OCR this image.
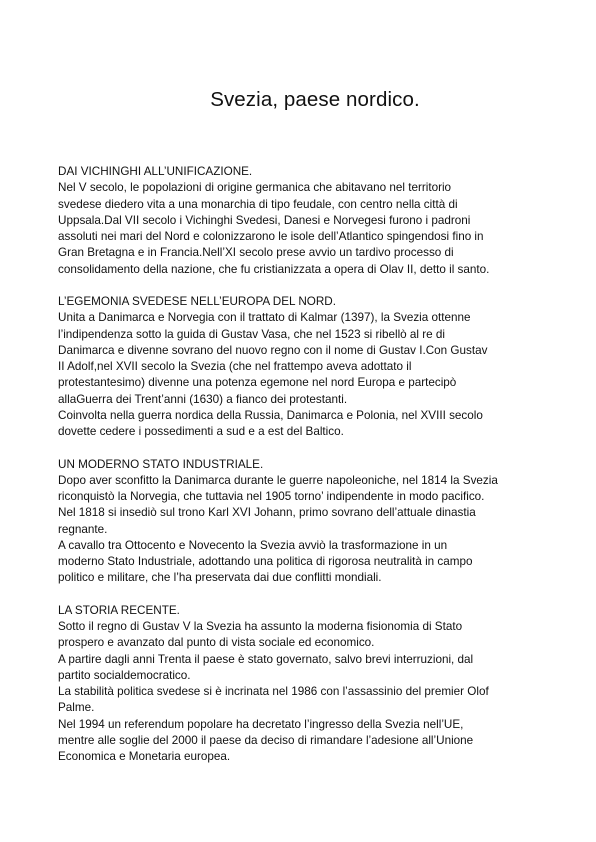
Svezia, paese nordico.
DAI VICHINGHI ALL’UNIFICAZIONE.
Nel V secolo, le popolazioni di origine germanica che abitavano nel territorio
svedese diedero vita a una monarchia di tipo feudale, con centro nella città di
Uppsala.Dal VII secolo i Vichinghi Svedesi, Danesi e Norvegesi furono i padroni
assoluti nei mari del Nord e colonizzarono le isole dell’Atlantico spingendosi fino in
Gran Bretagna e in Francia.Nell’XI secolo prese avvio un tardivo processo di
consolidamento della nazione, che fu cristianizzata a opera di Olav II, detto il santo.
L’EGEMONIA SVEDESE NELL’EUROPA DEL NORD.
Unita a Danimarca e Norvegia con il trattato di Kalmar (1397), la Svezia ottenne
l’indipendenza sotto la guida di Gustav Vasa, che nel 1523 si ribellò al re di
Danimarca e divenne sovrano del nuovo regno con il nome di Gustav I.Con Gustav
II Adolf,nel XVII secolo la Svezia (che nel frattempo aveva adottato il
protestantesimo) divenne una potenza egemone nel nord Europa e partecipò
allaGuerra dei Trent’anni (1630) a fianco dei protestanti.
Coinvolta nella guerra nordica della Russia, Danimarca e Polonia, nel XVIII secolo
dovette cedere i possedimenti a sud e a est del Baltico.
UN MODERNO STATO INDUSTRIALE.
Dopo aver sconfitto la Danimarca durante le guerre napoleoniche, nel 1814 la Svezia
riconquistò la Norvegia, che tuttavia nel 1905 torno’ indipendente in modo pacifico.
Nel 1818 si insediò sul trono Karl XVI Johann, primo sovrano dell’attuale dinastia
regnante.
A cavallo tra Ottocento e Novecento la Svezia avviò la trasformazione in un
moderno Stato Industriale, adottando una politica di rigorosa neutralità in campo
politico e militare, che l’ha preservata dai due conflitti mondiali.
LA STORIA RECENTE.
Sotto il regno di Gustav V la Svezia ha assunto la moderna fisionomia di Stato
prospero e avanzato dal punto di vista sociale ed economico.
A partire dagli anni Trenta il paese è stato governato, salvo brevi interruzioni, dal
partito socialdemocratico.
La stabilità politica svedese si è incrinata nel 1986 con l’assassinio del premier Olof
Palme.
Nel 1994 un referendum popolare ha decretato l’ingresso della Svezia nell’UE,
mentre alle soglie del 2000 il paese da deciso di rimandare l’adesione all’Unione
Economica e Monetaria europea.
